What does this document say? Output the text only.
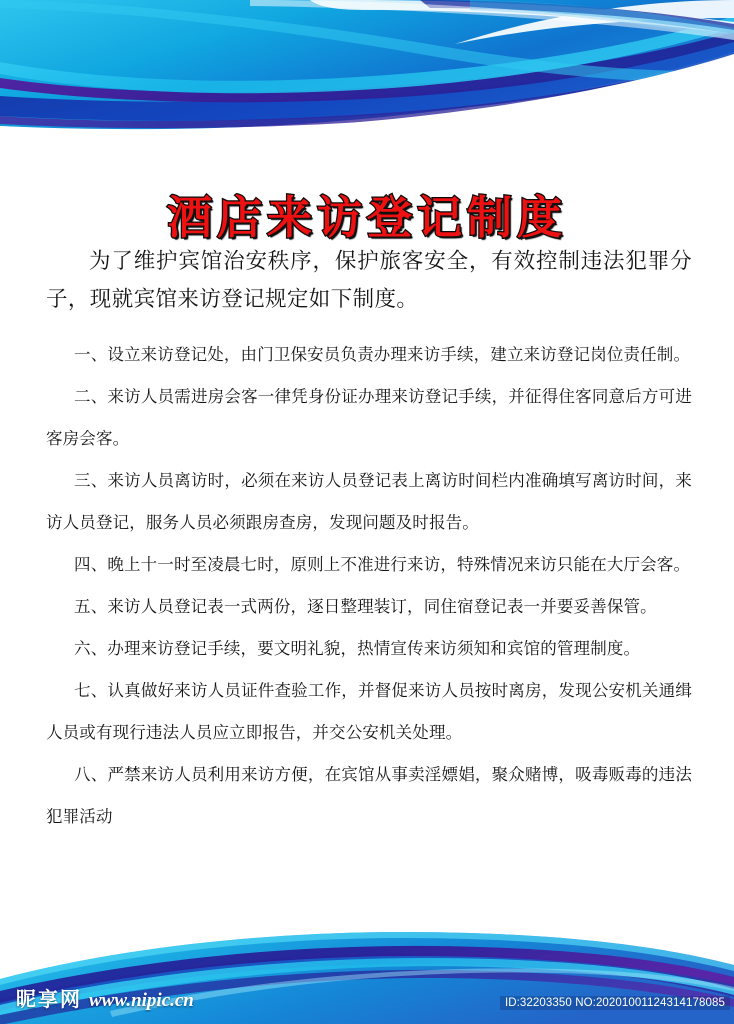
酒店来访登记制度

为了维护宾馆治安秩序，保护旅客安全，有效控制违法犯罪分子，现就宾馆来访登记规定如下制度。

一、设立来访登记处，由门卫保安员负责办理来访手续，建立来访登记岗位责任制。

二、来访人员需进房会客一律凭身份证办理来访登记手续，并征得住客同意后方可进客房会客。

三、来访人员离访时，必须在来访人员登记表上离访时间栏内准确填写离访时间，来访人员登记，服务人员必须跟房查房，发现问题及时报告。

四、晚上十一时至凌晨七时，原则上不准进行来访，特殊情况来访只能在大厅会客。

五、来访人员登记表一式两份，逐日整理装订，同住宿登记表一并要妥善保管。

六、办理来访登记手续，要文明礼貌，热情宣传来访须知和宾馆的管理制度。

七、认真做好来访人员证件查验工作，并督促来访人员按时离房，发现公安机关通缉人员或有现行违法人员应立即报告，并交公安机关处理。

八、严禁来访人员利用来访方便，在宾馆从事卖淫嫖娼，聚众赌博，吸毒贩毒的违法犯罪活动

昵享网 www.nipic.cn	ID:32203350 NO:20201001124314178085
